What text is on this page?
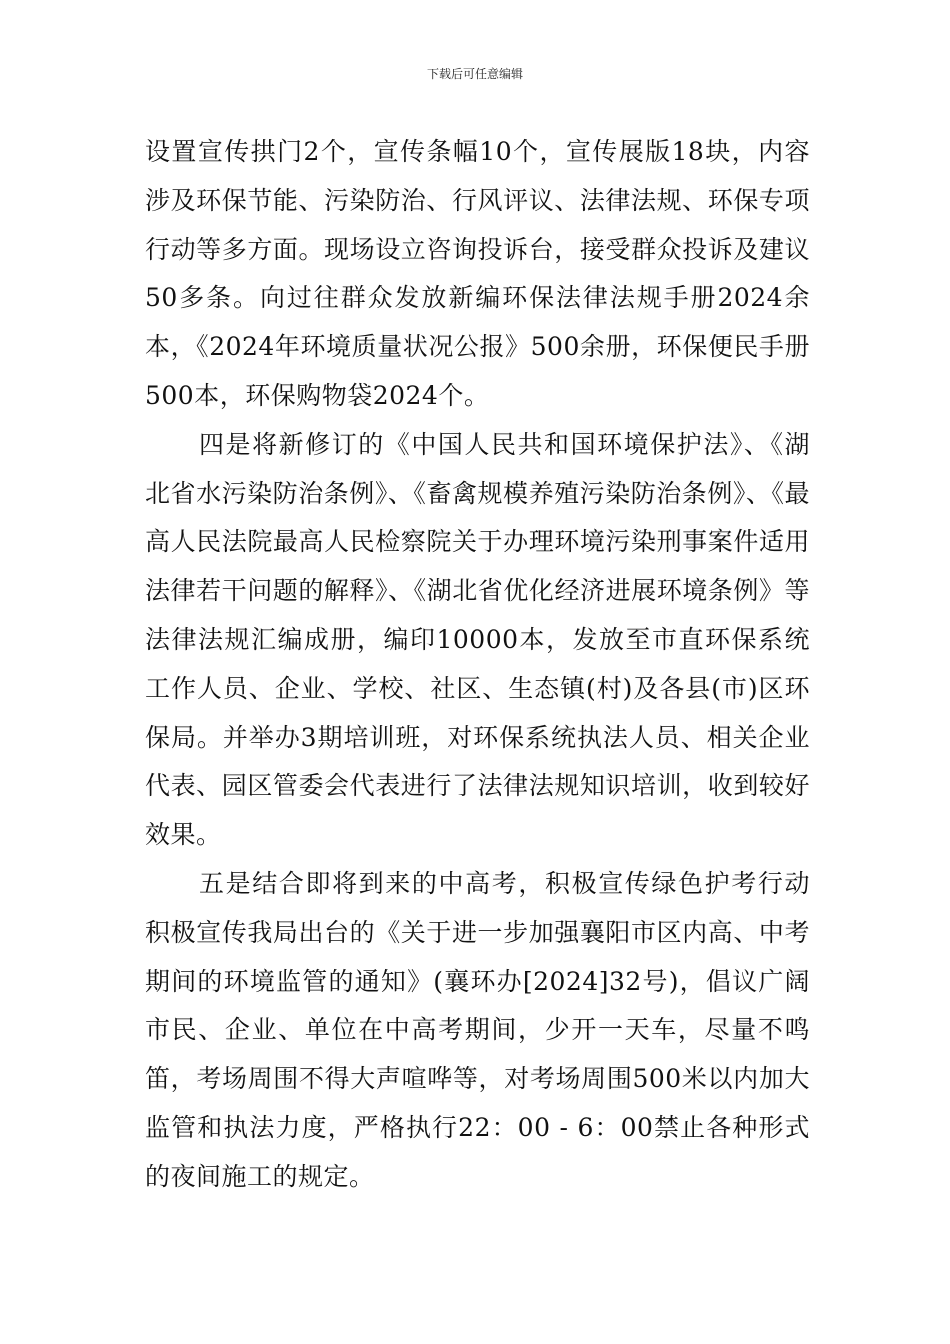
下载后可任意编辑

设置宣传拱门2个，宣传条幅10个，宣传展版18块，内容涉及环保节能、污染防治、行风评议、法律法规、环保专项行动等多方面。现场设立咨询投诉台，接受群众投诉及建议50多条。向过往群众发放新编环保法律法规手册2024余本，《2024年环境质量状况公报》500余册，环保便民手册500本，环保购物袋2024个。

四是将新修订的《中国人民共和国环境保护法》、《湖北省水污染防治条例》、《畜禽规模养殖污染防治条例》、《最高人民法院最高人民检察院关于办理环境污染刑事案件适用法律若干问题的解释》、《湖北省优化经济进展环境条例》等法律法规汇编成册，编印10000本，发放至市直环保系统工作人员、企业、学校、社区、生态镇(村)及各县(市)区环保局。并举办3期培训班，对环保系统执法人员、相关企业代表、园区管委会代表进行了法律法规知识培训，收到较好效果。

五是结合即将到来的中高考，积极宣传绿色护考行动积极宣传我局出台的《关于进一步加强襄阳市区内高、中考期间的环境监管的通知》(襄环办[2024]32号)，倡议广阔市民、企业、单位在中高考期间，少开一天车，尽量不鸣笛，考场周围不得大声喧哗等，对考场周围500米以内加大监管和执法力度，严格执行22：00 - 6：00禁止各种形式的夜间施工的规定。
